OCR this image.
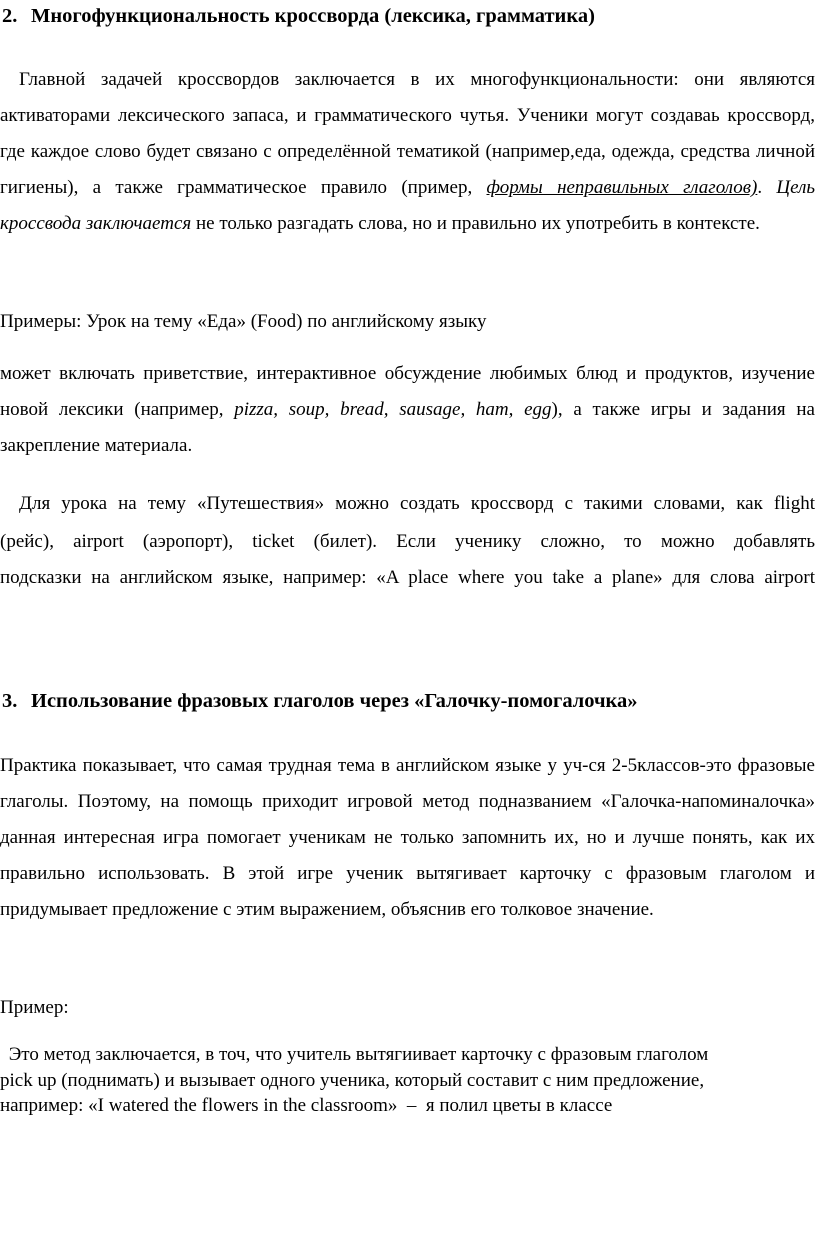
2. Многофункциональность кроссворда (лексика, грамматика)
Главной задачей кроссвордов заключается в их многофункциональности: они являются активаторами лексического запаса, и грамматического чутья. Ученики могут создаваь кроссворд, где каждое слово будет связано с определённой тематикой (например,еда, одежда, средства личной гигиены), а также грамматическое правило (пример, формы неправильных глаголов). Цель кроссвода заключается не только разгадать слова, но и правильно их употребить в контексте.
Примеры: Урок на тему «Еда» (Food) по английскому языку
может включать приветствие, интерактивное обсуждение любимых блюд и продуктов, изучение новой лексики (например, pizza, soup, bread, sausage, ham, egg), а также игры и задания на закрепление материала.
Для урока на тему «Путешествия» можно создать кроссворд с такими словами, как flight
(рейс), airport (аэропорт), ticket (билет). Если ученику сложно, то можно добавлять
подсказки на английском языке, например: «A place where you take a plane» для слова airport
3. Использование фразовых глаголов через «Галочку-помогалочка»
Практика показывает, что самая трудная тема в английском языке у уч-ся 2-5классов-это фразовые глаголы. Поэтому, на помощь приходит игровой метод подназванием «Галочка-напоминалочка» данная интересная игра помогает ученикам не только запомнить их, но и лучше понять, как их правильно использовать. В этой игре ученик вытягивает карточку с фразовым глаголом и придумывает предложение с этим выражением, объяснив его толковое значение.
Пример:
Это метод заключается, в точ, что учитель вытягиивает карточку с фразовым глаголом
pick up (поднимать) и вызывает одного ученика, который составит с ним предложение,
например: «I watered the flowers in the classroom»  –  я полил цветы в классе
